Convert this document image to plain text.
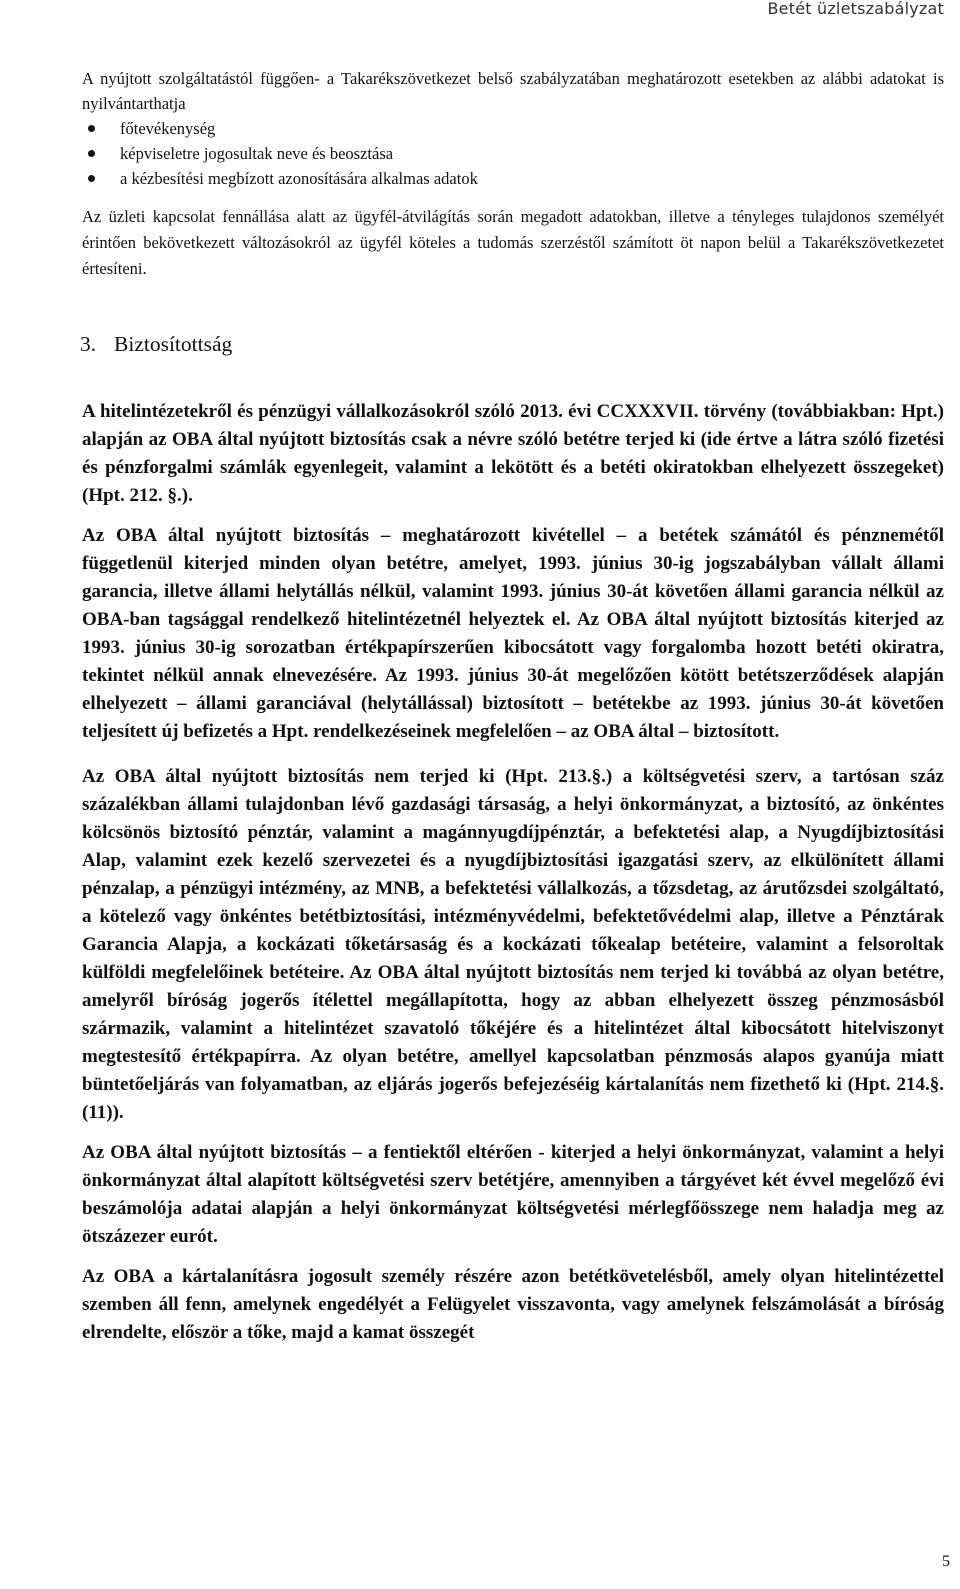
Betét üzletszabályzat

A nyújtott szolgáltatástól függően- a Takarékszövetkezet belső szabályzatában meghatározott esetekben az alábbi adatokat is nyilvántarthatja

főtevékenység
képviseletre jogosultak neve és beosztása
a kézbesítési megbízott azonosítására alkalmas adatok

Az üzleti kapcsolat fennállása alatt az ügyfél-átvilágítás során megadott adatokban, illetve a tényleges tulajdonos személyét érintően bekövetkezett változásokról az ügyfél köteles a tudomás szerzéstől számított öt napon belül a Takarékszövetkezetet értesíteni.

3. Biztosítottság

A hitelintézetekről és pénzügyi vállalkozásokról szóló 2013. évi CCXXXVII. törvény (továbbiakban: Hpt.) alapján az OBA által nyújtott biztosítás csak a névre szóló betétre terjed ki (ide értve a látra szóló fizetési és pénzforgalmi számlák egyenlegeit, valamint a lekötött és a betéti okiratokban elhelyezett összegeket) (Hpt. 212. §.).

Az OBA által nyújtott biztosítás – meghatározott kivétellel – a betétek számától és pénznemétől függetlenül kiterjed minden olyan betétre, amelyet, 1993. június 30-ig jogszabályban vállalt állami garancia, illetve állami helytállás nélkül, valamint 1993. június 30-át követően állami garancia nélkül az OBA-ban tagsággal rendelkező hitelintézetnél helyeztek el. Az OBA által nyújtott biztosítás kiterjed az 1993. június 30-ig sorozatban értékpapírszerűen kibocsátott vagy forgalomba hozott betéti okiratra, tekintet nélkül annak elnevezésére. Az 1993. június 30-át megelőzően kötött betétszerződések alapján elhelyezett – állami garanciával (helytállással) biztosított – betétekbe az 1993. június 30-át követően teljesített új befizetés a Hpt. rendelkezéseinek megfelelően – az OBA által – biztosított.

Az OBA által nyújtott biztosítás nem terjed ki (Hpt. 213.§.) a költségvetési szerv, a tartósan száz százalékban állami tulajdonban lévő gazdasági társaság, a helyi önkormányzat, a biztosító, az önkéntes kölcsönös biztosító pénztár, valamint a magánnyugdíjpénztár, a befektetési alap, a Nyugdíjbiztosítási Alap, valamint ezek kezelő szervezetei és a nyugdíjbiztosítási igazgatási szerv, az elkülönített állami pénzalap, a pénzügyi intézmény, az MNB, a befektetési vállalkozás, a tőzsdetag, az árutőzsdei szolgáltató, a kötelező vagy önkéntes betétbiztosítási, intézményvédelmi, befektetővédelmi alap, illetve a Pénztárak Garancia Alapja, a kockázati tőketársaság és a kockázati tőkealap betéteire, valamint a felsoroltak külföldi megfelelőinek betéteire. Az OBA által nyújtott biztosítás nem terjed ki továbbá az olyan betétre, amelyről bíróság jogerős ítélettel megállapította, hogy az abban elhelyezett összeg pénzmosásból származik, valamint a hitelintézet szavatoló tőkéjére és a hitelintézet által kibocsátott hitelviszonyt megtestesítő értékpapírra. Az olyan betétre, amellyel kapcsolatban pénzmosás alapos gyanúja miatt büntetőeljárás van folyamatban, az eljárás jogerős befejezéséig kártalanítás nem fizethető ki (Hpt. 214.§.(11)).

Az OBA által nyújtott biztosítás – a fentiektől eltérően - kiterjed a helyi önkormányzat, valamint a helyi önkormányzat által alapított költségvetési szerv betétjére, amennyiben a tárgyévet két évvel megelőző évi beszámolója adatai alapján a helyi önkormányzat költségvetési mérlegfőösszege nem haladja meg az ötszázezer eurót.

Az OBA a kártalanításra jogosult személy részére azon betétkövetelésből, amely olyan hitelintézettel szemben áll fenn, amelynek engedélyét a Felügyelet visszavonta, vagy amelynek felszámolását a bíróság elrendelte, először a tőke, majd a kamat összegét

5
